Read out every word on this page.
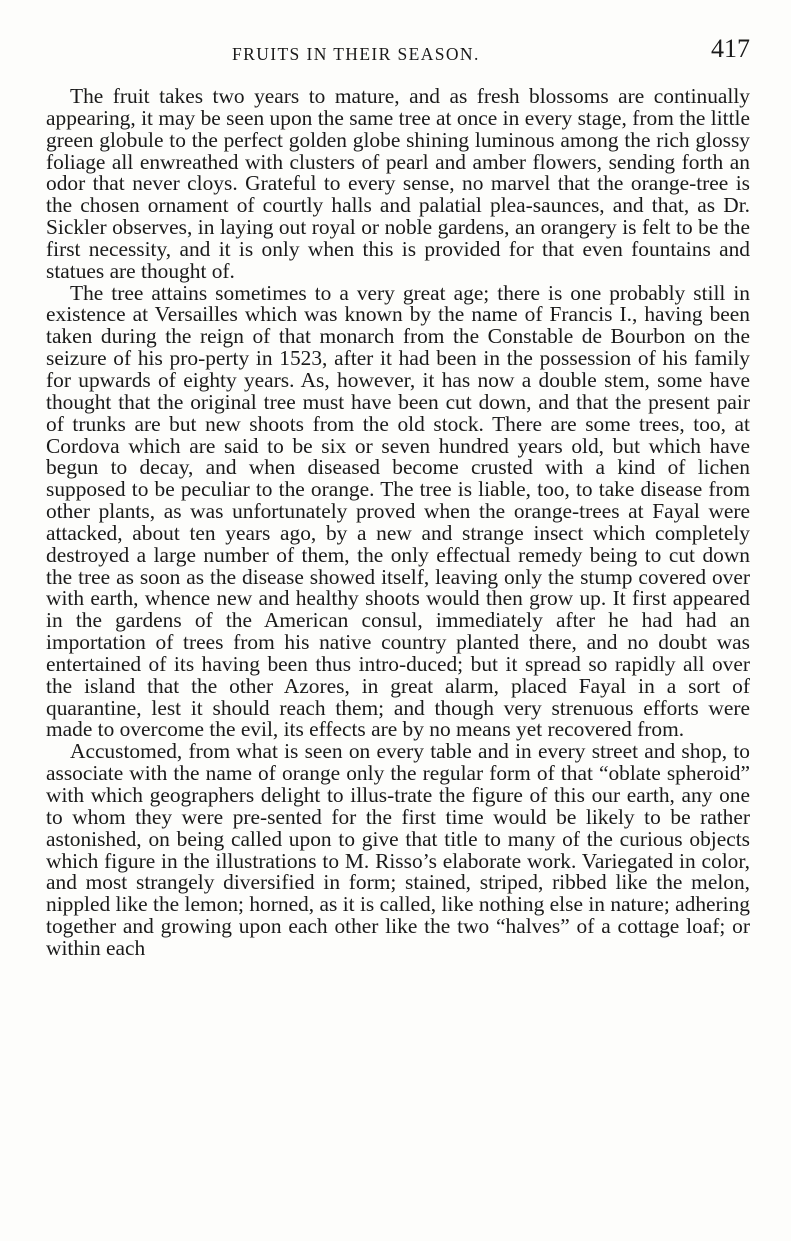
FRUITS IN THEIR SEASON.	417

The fruit takes two years to mature, and as fresh blossoms are continually appearing, it may be seen upon the same tree at once in every stage, from the little green globule to the perfect golden globe shining luminous among the rich glossy foliage all enwreathed with clusters of pearl and amber flowers, sending forth an odor that never cloys. Grateful to every sense, no marvel that the orange-tree is the chosen ornament of courtly halls and palatial plea-saunces, and that, as Dr. Sickler observes, in laying out royal or noble gardens, an orangery is felt to be the first necessity, and it is only when this is provided for that even fountains and statues are thought of.

The tree attains sometimes to a very great age; there is one probably still in existence at Versailles which was known by the name of Francis I., having been taken during the reign of that monarch from the Constable de Bourbon on the seizure of his pro-perty in 1523, after it had been in the possession of his family for upwards of eighty years. As, however, it has now a double stem, some have thought that the original tree must have been cut down, and that the present pair of trunks are but new shoots from the old stock. There are some trees, too, at Cordova which are said to be six or seven hundred years old, but which have begun to decay, and when diseased become crusted with a kind of lichen supposed to be peculiar to the orange. The tree is liable, too, to take disease from other plants, as was unfortunately proved when the orange-trees at Fayal were attacked, about ten years ago, by a new and strange insect which completely destroyed a large number of them, the only effectual remedy being to cut down the tree as soon as the disease showed itself, leaving only the stump covered over with earth, whence new and healthy shoots would then grow up. It first appeared in the gardens of the American consul, immediately after he had had an importation of trees from his native country planted there, and no doubt was entertained of its having been thus intro-duced; but it spread so rapidly all over the island that the other Azores, in great alarm, placed Fayal in a sort of quarantine, lest it should reach them; and though very strenuous efforts were made to overcome the evil, its effects are by no means yet recovered from.

Accustomed, from what is seen on every table and in every street and shop, to associate with the name of orange only the regular form of that “oblate spheroid” with which geographers delight to illus-trate the figure of this our earth, any one to whom they were pre-sented for the first time would be likely to be rather astonished, on being called upon to give that title to many of the curious objects which figure in the illustrations to M. Risso’s elaborate work. Variegated in color, and most strangely diversified in form; stained, striped, ribbed like the melon, nippled like the lemon; horned, as it is called, like nothing else in nature; adhering together and growing upon each other like the two “halves” of a cottage loaf; or within each
